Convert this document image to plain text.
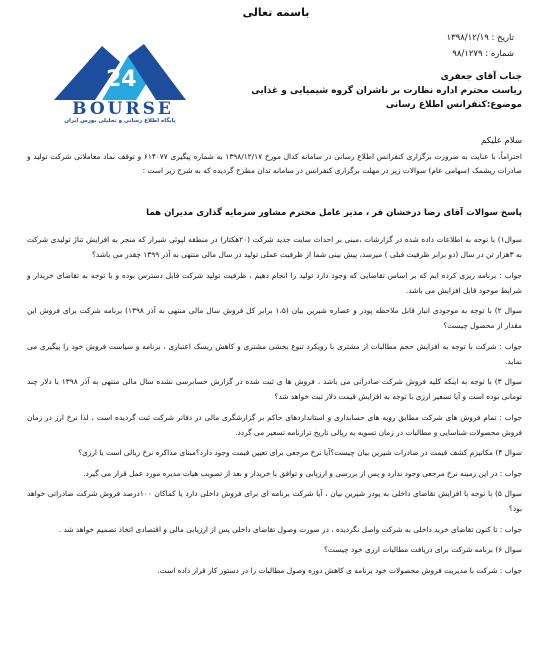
باسمه تعالی
تاریخ : ۱۳۹۸/۱۲/۱۹
شماره : ۹۸/۱۲۷۹
24
BOURSE
پایگاه اطلاع رسانی و تحلیلی بورس ایران
جناب آقای جعفری
ریاست محترم اداره نظارت بر ناشران گروه شیمیایی و غذایی
موضوع:کنفرانس اطلاع رسانی
سلام علیکم
احتراماً، با عنایت به ضرورت برگزاری کنفرانس اطلاع رسانی در سامانه کدال مورخ ۱۳۹۸/۱۲/۱۷ به شماره پیگیری ۶۱۴۰۷۷ و توقف نماد معاملاتی شرکت تولید و صادرات ریشمک (سهامی عام) سوالات زیر در مهلت برگزاری کنفرانس در سامانه تدان مطرح گردیده که به شرح زیر است :
پاسخ سوالات آقای رضا درخشان فر ، مدیر عامل محترم مشاور سرمایه گذاری مدیران هما

سوال۱) با توجه به اطلاعات داده شده در گزارشات ،مبنی بر احداث سایت جدید شرکت (۲۰هکتار) در منطقه لپوئی شیراز که منجر به افزایش تناژ تولیدی شرکت به ۳هزار تن در سال (دو برابر ظرفیت قبلی ) میرسد، پیش بینی شما از ظرفیت عملی تولید در سال مالی منتهی به آذر ۱۳۹۹ چقدر می باشد؟

جواب : برنامه ریزی کرده ایم که بر اساس تقاضایی که وجود دارد تولید را انجام دهیم ، ظرفیت تولید شرکت قابل دسترس بوده و با توجه به تقاضای خریدار و شرایط موجود قابل افزایش می باشد.

سوال ۲) با توجه به موجودی انبار قابل ملاحظه پودر و عصاره شیرین بیان (۱،۵ برابر کل فروش سال مالی منتهی به آذر ۱۳۹۸) برنامه شرکت برای فروش این مقدار از محصول چیست؟

جواب : شرکت با توجه به افزایش حجم مطالبات از مشتری با رویکرد تنوع بخشی مشتری و کاهش ریسک اعتباری ، برنامه و سیاست فروش خود را پیگیری می نماید.

سوال ۳) با توجه به اینکه کلیه فروش شرکت صادراتی می باشد ، فروش ها ی ثبت شده در گزارش حسابرسی نشده سال مالی منتهی به آذر ۱۳۹۸ با دلار چند تومانی بوده است و آیا تسعیر ارزی با توجه به افزایش قیمت دلار ثبت خواهد شد؟

جواب : تمام فروش های شرکت مطابق رویه های حسابداری و استانداردهای حاکم بر گزارشگری مالی در دفاتر شرکت ثبت گردیده است ، لذا نرخ ارز در زمان فروش محصولات شناسایی و مطالبات در زمان تسویه به ریالی تاریخ ترازنامه تسعیر می گردد.

سوال ۴) مکانیزم کشف قیمت در صادرات شیرین بیان چیست؟آیا نرخ مرجعی برای تعیین قیمت وجود دارد؟مبنای مذاکره نرخ ریالی است یا ارزی؟

جواب : در این زمینه نرخ مرجعی وجود ندارد و پس از بررسی و ارزیابی و توافق با خریدار و بعد از تصویب هیات مدیره مورد عمل قرار می گیرد.

سوال ۵) با توجه با افزایش تقاضای داخلی به پودر شیرین بیان ، آیا شرکت برنامه ای برای فروش داخلی دارد یا کماکان ۱۰۰درصد فروش شرکت صادراتی خواهد بود؟

جواب : تا کنون تقاضای خرید داخلی به شرکت واصل نگردیده ، در صورت وصول تقاضای داخلی پس از ارزیابی مالی و اقتصادی اتخاذ تصمیم خواهد شد .

سوال ۶) برنامه شرکت برای دریافت مطالبات ارزی خود چیست؟

جواب : شرکت با مدیریت فروش محصولات خود برنامه ی کاهش دوره وصول مطالبات را در دستور کار قرار داده است.
